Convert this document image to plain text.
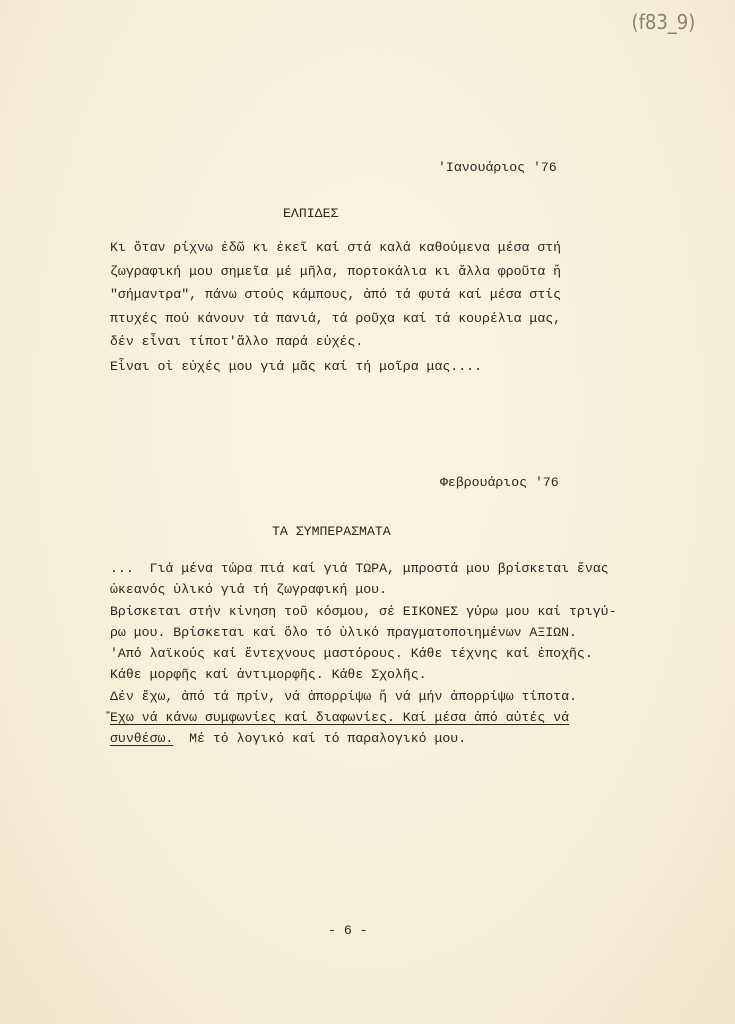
(f83_9)
'Ιανουάριος '76
ΕΛΠΙΔΕΣ
Κι ὅταν ρίχνω ἐδῶ κι ἐκεῖ καί στά καλά καθούμενα μέσα στή
ζωγραφική μου σημεῖα μέ μῆλα, πορτοκάλια κι ἄλλα φροῦτα ἤ
"σήμαντρα", πάνω στούς κάμπους, ἀπό τά φυτά καί μέσα στίς
πτυχές πού κάνουν τά πανιά, τά ροῦχα καί τά κουρέλια μας,
δέν εἶναι τίποτ'ἄλλο παρά εὐχές.
Εἶναι οἱ εὐχές μου γιά μᾶς καί τή μοῖρα μας....
Φεβρουάριος '76
ΤΑ ΣΥΜΠΕΡΑΣΜΑΤΑ
...  Γιά μένα τώρα πιά καί γιά ΤΩΡΑ, μπροστά μου βρίσκεται ἕνας
ὠκεανός ὑλικό γιά τή ζωγραφική μου.
Βρίσκεται στήν κίνηση τοῦ κόσμου, σέ ΕΙΚΟΝΕΣ γύρω μου καί τριγύ-
ρω μου. Βρίσκεται καί ὅλο τό ὑλικό πραγματοποιημένων ΑΞΙΩΝ.
'Από λαϊκούς καί ἔντεχνους μαστόρους. Κάθε τέχνης καί ἐποχῆς.
Κάθε μορφῆς καί ἀντιμορφῆς. Κάθε Σχολῆς.
Δέν ἔχω, ἀπό τά πρίν, νά ἀπορρίψω ἤ νά μήν ἀπορρίψω τίποτα.
Ἔχω νά κάνω συμφωνίες καί διαφωνίες. Καί μέσα ἀπό αὐτές νά
συνθέσω.  Μέ τό λογικό καί τό παραλογικό μου.
- 6 -
